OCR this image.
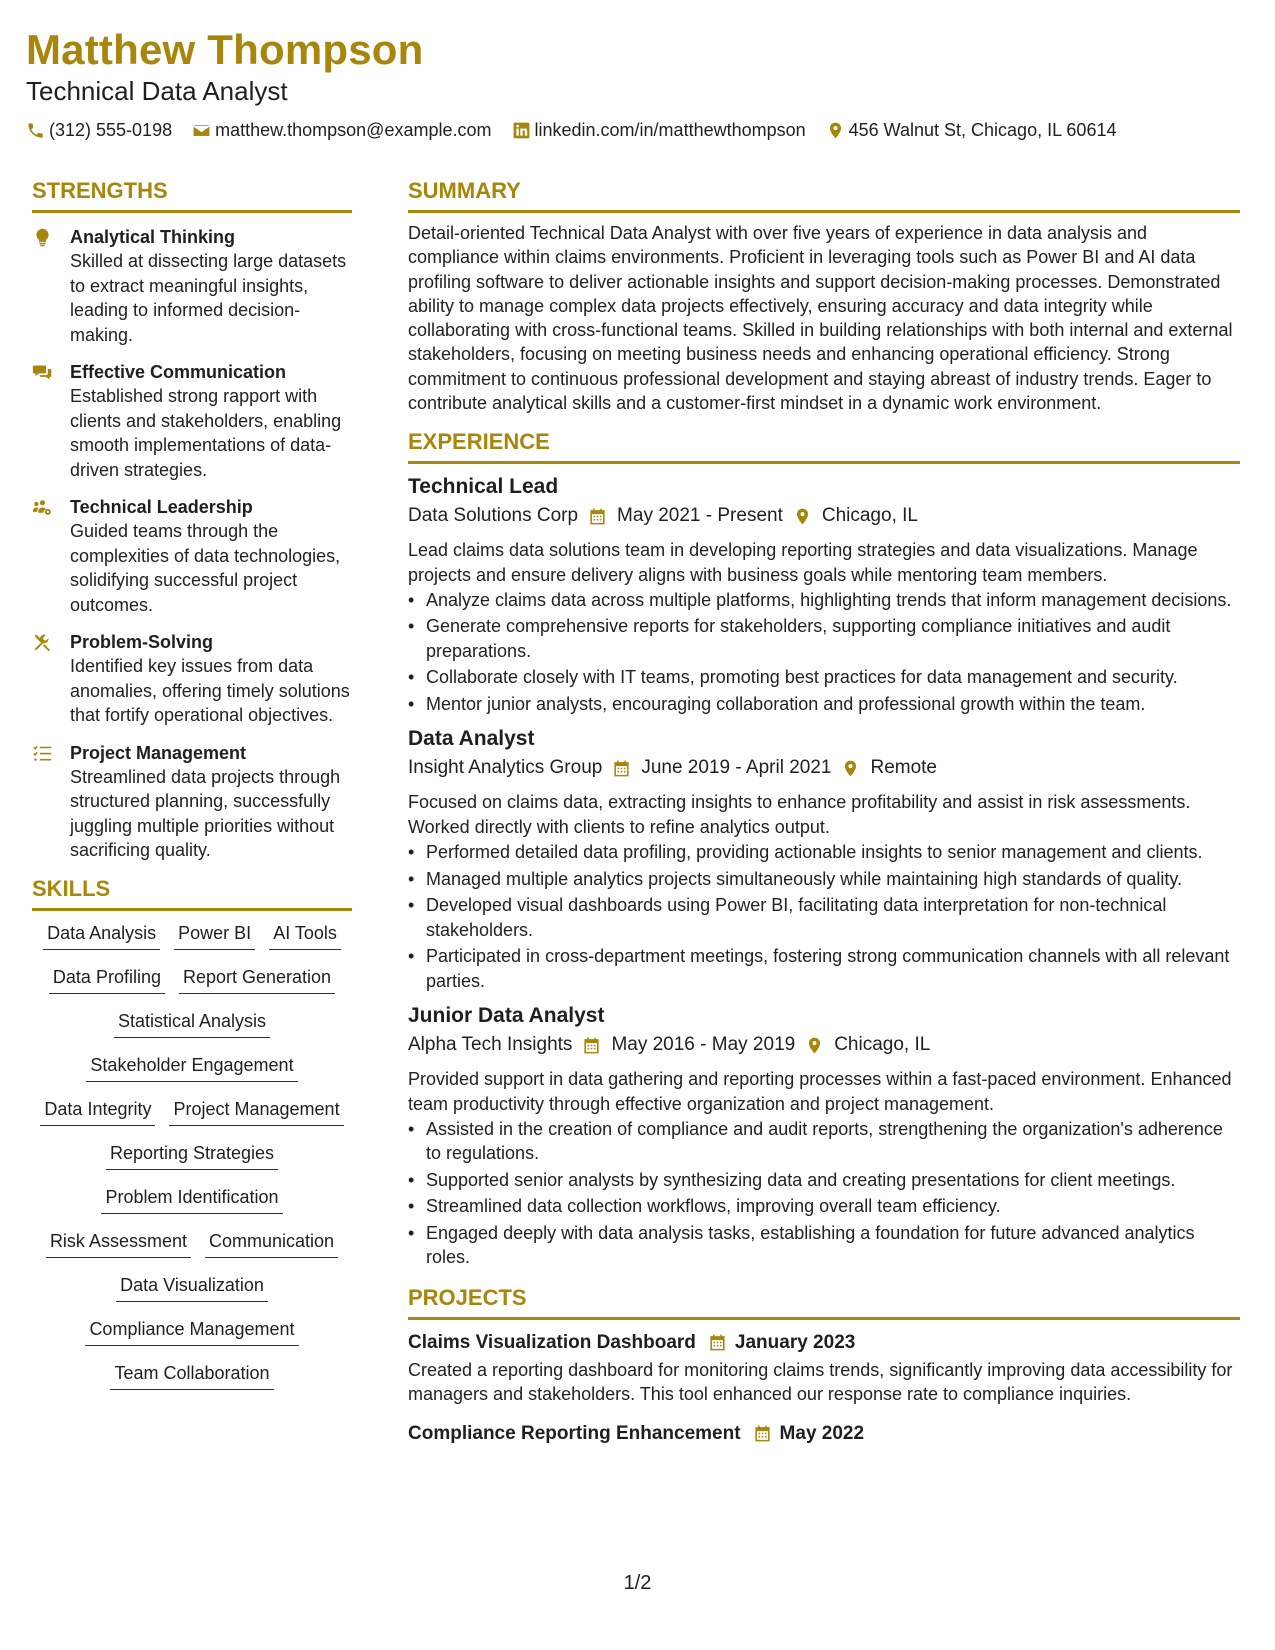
Matthew Thompson
Technical Data Analyst
(312) 555-0198 matthew.thompson@example.com linkedin.com/in/matthewthompson 456 Walnut St, Chicago, IL 60614
STRENGTHS
Analytical Thinking
Skilled at dissecting large datasets to extract meaningful insights, leading to informed decision-making.
Effective Communication
Established strong rapport with clients and stakeholders, enabling smooth implementations of data-driven strategies.
Technical Leadership
Guided teams through the complexities of data technologies, solidifying successful project outcomes.
Problem-Solving
Identified key issues from data anomalies, offering timely solutions that fortify operational objectives.
Project Management
Streamlined data projects through structured planning, successfully juggling multiple priorities without sacrificing quality.
SKILLS
Data Analysis Power BI AI Tools
Data Profiling Report Generation
Statistical Analysis
Stakeholder Engagement
Data Integrity Project Management
Reporting Strategies
Problem Identification
Risk Assessment Communication
Data Visualization
Compliance Management
Team Collaboration
SUMMARY
Detail-oriented Technical Data Analyst with over five years of experience in data analysis and compliance within claims environments. Proficient in leveraging tools such as Power BI and AI data profiling software to deliver actionable insights and support decision-making processes. Demonstrated ability to manage complex data projects effectively, ensuring accuracy and data integrity while collaborating with cross-functional teams. Skilled in building relationships with both internal and external stakeholders, focusing on meeting business needs and enhancing operational efficiency. Strong commitment to continuous professional development and staying abreast of industry trends. Eager to contribute analytical skills and a customer-first mindset in a dynamic work environment.
EXPERIENCE
Technical Lead
Data Solutions Corp May 2021 - Present Chicago, IL
Lead claims data solutions team in developing reporting strategies and data visualizations. Manage projects and ensure delivery aligns with business goals while mentoring team members.
• Analyze claims data across multiple platforms, highlighting trends that inform management decisions.
• Generate comprehensive reports for stakeholders, supporting compliance initiatives and audit preparations.
• Collaborate closely with IT teams, promoting best practices for data management and security.
• Mentor junior analysts, encouraging collaboration and professional growth within the team.
Data Analyst
Insight Analytics Group June 2019 - April 2021 Remote
Focused on claims data, extracting insights to enhance profitability and assist in risk assessments. Worked directly with clients to refine analytics output.
• Performed detailed data profiling, providing actionable insights to senior management and clients.
• Managed multiple analytics projects simultaneously while maintaining high standards of quality.
• Developed visual dashboards using Power BI, facilitating data interpretation for non-technical stakeholders.
• Participated in cross-department meetings, fostering strong communication channels with all relevant parties.
Junior Data Analyst
Alpha Tech Insights May 2016 - May 2019 Chicago, IL
Provided support in data gathering and reporting processes within a fast-paced environment. Enhanced team productivity through effective organization and project management.
• Assisted in the creation of compliance and audit reports, strengthening the organization's adherence to regulations.
• Supported senior analysts by synthesizing data and creating presentations for client meetings.
• Streamlined data collection workflows, improving overall team efficiency.
• Engaged deeply with data analysis tasks, establishing a foundation for future advanced analytics roles.
PROJECTS
Claims Visualization Dashboard January 2023
Created a reporting dashboard for monitoring claims trends, significantly improving data accessibility for managers and stakeholders. This tool enhanced our response rate to compliance inquiries.
Compliance Reporting Enhancement May 2022
1/2
